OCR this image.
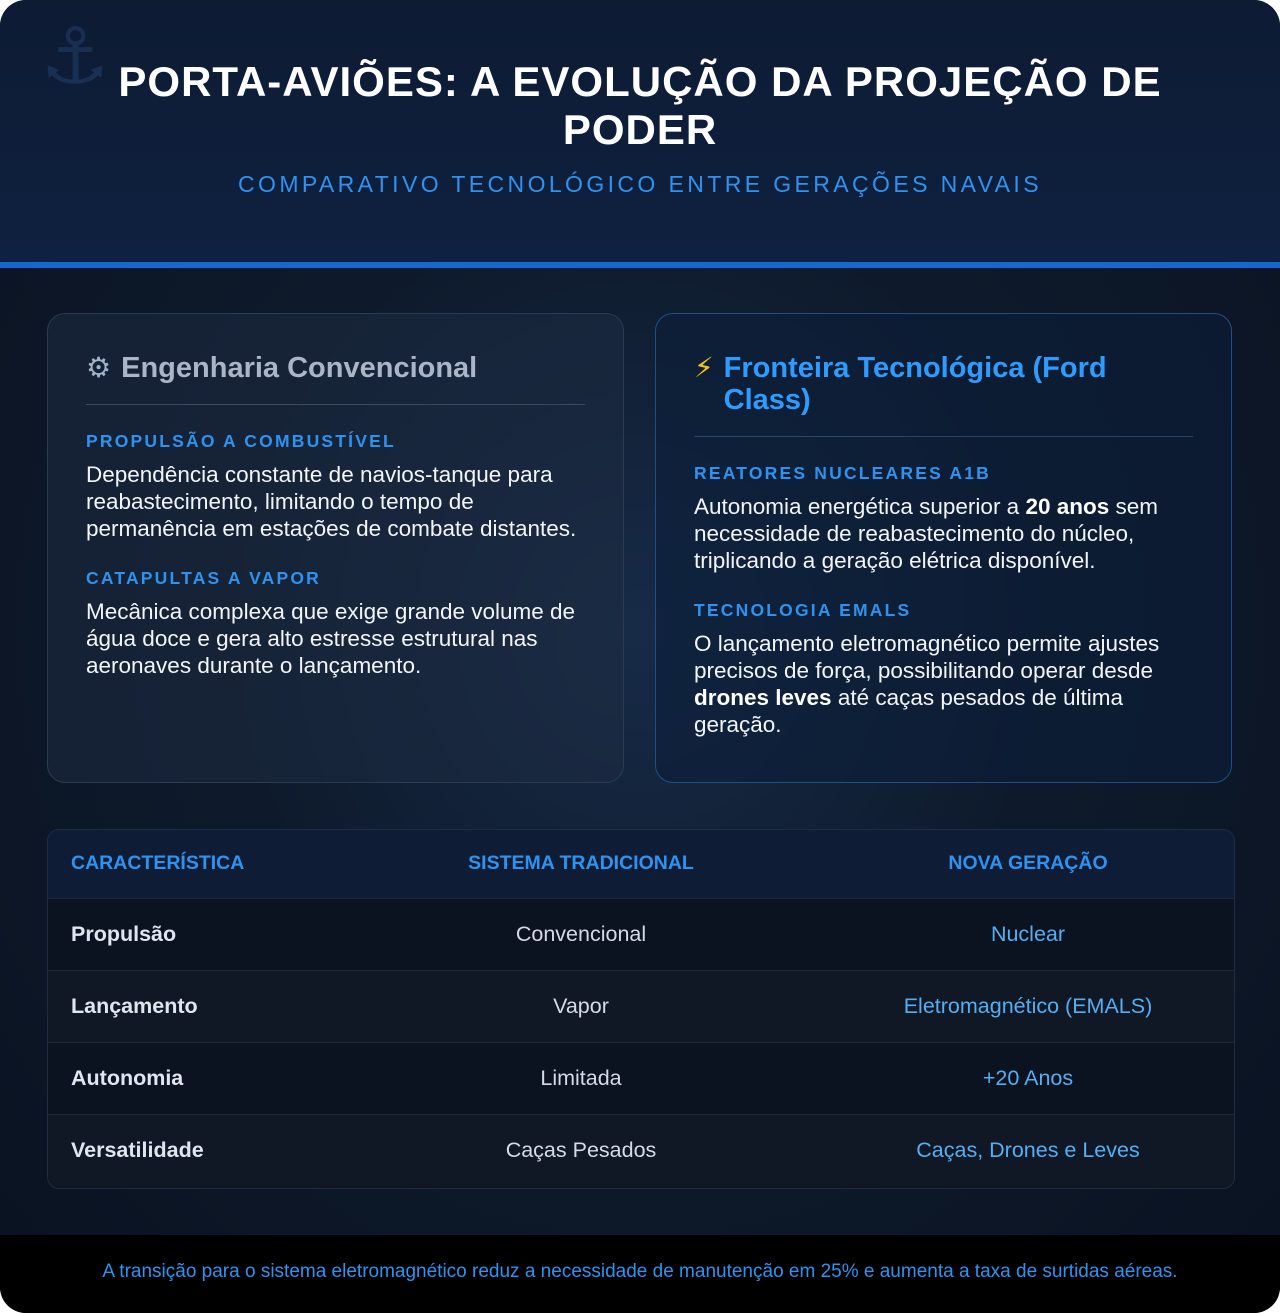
⚓ PORTA-AVIÕES: A EVOLUÇÃO DA PROJEÇÃO DE PODER
COMPARATIVO TECNOLÓGICO ENTRE GERAÇÕES NAVAIS
⚙ Engenharia Convencional
PROPULSÃO A COMBUSTÍVEL
Dependência constante de navios-tanque para reabastecimento, limitando o tempo de permanência em estações de combate distantes.
CATAPULTAS A VAPOR
Mecânica complexa que exige grande volume de água doce e gera alto estresse estrutural nas aeronaves durante o lançamento.
⚡ Fronteira Tecnológica (Ford Class)
REATORES NUCLEARES A1B
Autonomia energética superior a 20 anos sem necessidade de reabastecimento do núcleo, triplicando a geração elétrica disponível.
TECNOLOGIA EMALS
O lançamento eletromagnético permite ajustes precisos de força, possibilitando operar desde drones leves até caças pesados de última geração.
CARACTERÍSTICA	SISTEMA TRADICIONAL	NOVA GERAÇÃO
Propulsão	Convencional	Nuclear
Lançamento	Vapor	Eletromagnético (EMALS)
Autonomia	Limitada	+20 Anos
Versatilidade	Caças Pesados	Caças, Drones e Leves
A transição para o sistema eletromagnético reduz a necessidade de manutenção em 25% e aumenta a taxa de surtidas aéreas.
